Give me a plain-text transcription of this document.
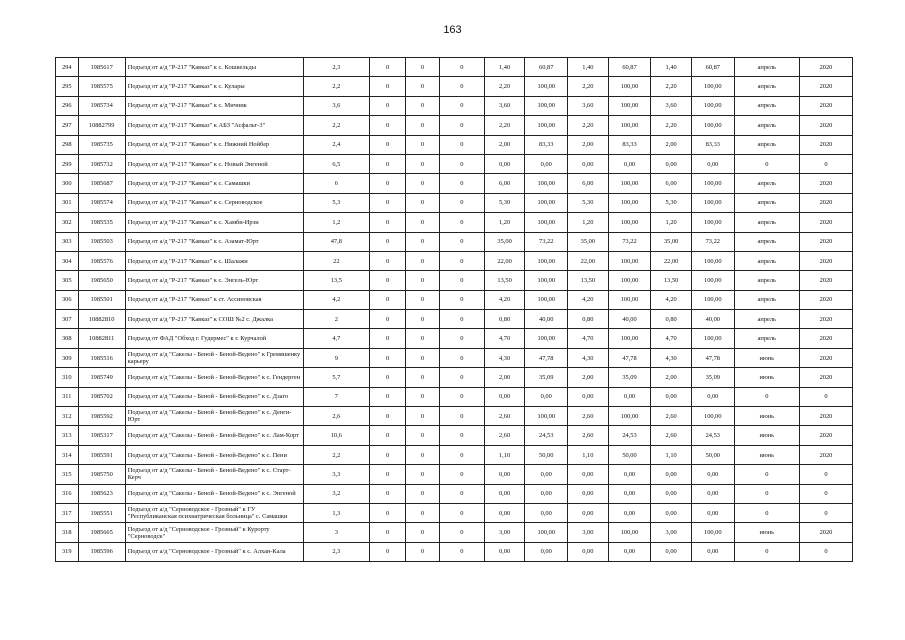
163
294	1985617	Подъезд от а/д "Р-217 "Кавказ" к с. Кошкельды	2,3	0	0	0	1,40	60,87	1,40	60,87	1,40	60,87	апрель	2020
295	1985575	Подъезд от а/д "Р-217 "Кавказ" к с. Кулары	2,2	0	0	0	2,20	100,00	2,20	100,00	2,20	100,00	апрель	2020
296	1985734	Подъезд от а/д "Р-217 "Кавказ" к с. Мичник	3,6	0	0	0	3,60	100,00	3,60	100,00	3,60	100,00	апрель	2020
297	10882799	Подъезд от а/д "Р-217 "Кавказ" к АБЗ "Асфальт-3"	2,2	0	0	0	2,20	100,00	2,20	100,00	2,20	100,00	апрель	2020
298	1985735	Подъезд от а/д "Р-217 "Кавказ" к с. Нижний Нойбер	2,4	0	0	0	2,00	83,33	2,00	83,33	2,00	83,33	апрель	2020
299	1985732	Подъезд от а/д "Р-217 "Кавказ" к с. Новый Энгеной	6,5	0	0	0	0,00	0,00	0,00	0,00	0,00	0,00	0	0
300	1985687	Подъезд от а/д "Р-217 "Кавказ" к с. Самашки	6	0	0	0	6,00	100,00	6,00	100,00	6,00	100,00	апрель	2020
301	1985574	Подъезд от а/д "Р-217 "Кавказ" к с. Серноводское	5,3	0	0	0	5,30	100,00	5,30	100,00	5,30	100,00	апрель	2020
302	1985535	Подъезд от а/д "Р-217 "Кавказ" к с. Хамби-Ирзи	1,2	0	0	0	1,20	100,00	1,20	100,00	1,20	100,00	апрель	2020
303	1985503	Подъезд от а/д "Р-217 "Кавказ" к с. Азамат-Юрт	47,8	0	0	0	35,00	73,22	35,00	73,22	35,00	73,22	апрель	2020
304	1985576	Подъезд от а/д "Р-217 "Кавказ" к с. Шалажи	22	0	0	0	22,00	100,00	22,00	100,00	22,00	100,00	апрель	2020
305	1985650	Подъезд от а/д "Р-217 "Кавказ" к с. Энгель-Юрт	13,5	0	0	0	13,50	100,00	13,50	100,00	13,50	100,00	апрель	2020
306	1985501	Подъезд от а/д "Р-217 "Кавказ" к ст. Ассиновская	4,2	0	0	0	4,20	100,00	4,20	100,00	4,20	100,00	апрель	2020
307	10882810	Подъезд от а/д "Р-217 "Кавказ" к СОШ №2 с. Джалка	2	0	0	0	0,80	40,00	0,80	40,00	0,80	40,00	апрель	2020
308	10882811	Подъезд от ФАД "Обход г. Гудермес" к г. Курчалой	4,7	0	0	0	4,70	100,00	4,70	100,00	4,70	100,00	апрель	2020
309	1985516	Подъезд от а/д "Сакелы - Беной - Беной-Ведено" к Гремяшенку карьеру	9	0	0	0	4,30	47,78	4,30	47,78	4,30	47,78	июнь	2020
310	1985749	Подъезд от а/д "Сакелы - Беной - Беной-Ведено" к с. Гендерген	5,7	0	0	0	2,00	35,09	2,00	35,09	2,00	35,09	июнь	2020
311	1985702	Подъезд от а/д "Сакелы - Беной - Беной-Ведено" к с. Дзаго	7	0	0	0	0,00	0,00	0,00	0,00	0,00	0,00	0	0
312	1985592	Подъезд от а/д "Сакелы - Беной - Беной-Ведено" к с. Денги-Юрт	2,6	0	0	0	2,60	100,00	2,60	100,00	2,60	100,00	июнь	2020
313	1985317	Подъезд от а/д "Сакелы - Беной - Беной-Ведено" к с. Лам-Корт	10,6	0	0	0	2,60	24,53	2,60	24,53	2,60	24,53	июнь	2020
314	1985591	Подъезд от а/д "Сакелы - Беной - Беной-Ведено" к с. Пени	2,2	0	0	0	1,10	50,00	1,10	50,00	1,10	50,00	июнь	2020
315	1985750	Подъезд от а/д "Сакелы - Беной - Беной-Ведено" к с. Старт-Керч	3,3	0	0	0	0,00	0,00	0,00	0,00	0,00	0,00	0	0
316	1985623	Подъезд от а/д "Сакелы - Беной - Беной-Ведено" к с. Энгеной	3,2	0	0	0	0,00	0,00	0,00	0,00	0,00	0,00	0	0
317	1985551	Подъезд от а/д "Серноводское - Грозный" к ГУ "Республиканская психиатрическая больница" с. Самашки	1,3	0	0	0	0,00	0,00	0,00	0,00	0,00	0,00	0	0
318	1985665	Подъезд от а/д "Серноводское - Грозный" к Курорту "Серноводск"	3	0	0	0	3,00	100,00	3,00	100,00	3,00	100,00	июнь	2020
319	1985596	Подъезд от а/д "Серноводское - Грозный" к с. Алхан-Кала	2,3	0	0	0	0,00	0,00	0,00	0,00	0,00	0,00	0	0
